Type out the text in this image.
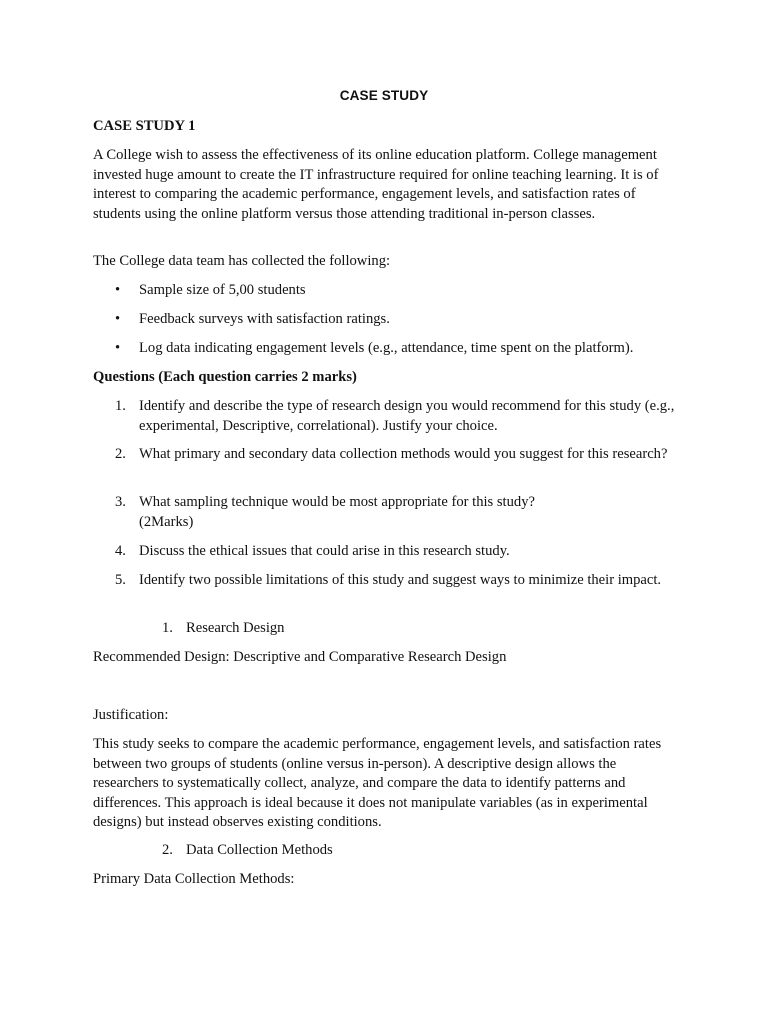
CASE STUDY

CASE STUDY 1

A College wish to assess the effectiveness of its online education platform. College management invested huge amount to create the IT infrastructure required for online teaching learning. It is of interest to comparing the academic performance, engagement levels, and satisfaction rates of students using the online platform versus those attending traditional in-person classes.

The College data team has collected the following:

• Sample size of 5,00 students
• Feedback surveys with satisfaction ratings.
• Log data indicating engagement levels (e.g., attendance, time spent on the platform).

Questions (Each question carries 2 marks)

1. Identify and describe the type of research design you would recommend for this study (e.g., experimental, Descriptive, correlational). Justify your choice.
2. What primary and secondary data collection methods would you suggest for this research?
3. What sampling technique would be most appropriate for this study?
(2Marks)
4. Discuss the ethical issues that could arise in this research study.
5. Identify two possible limitations of this study and suggest ways to minimize their impact.
1. Research Design

Recommended Design: Descriptive and Comparative Research Design

Justification:

This study seeks to compare the academic performance, engagement levels, and satisfaction rates between two groups of students (online versus in-person). A descriptive design allows the researchers to systematically collect, analyze, and compare the data to identify patterns and differences. This approach is ideal because it does not manipulate variables (as in experimental designs) but instead observes existing conditions.

2. Data Collection Methods

Primary Data Collection Methods:
